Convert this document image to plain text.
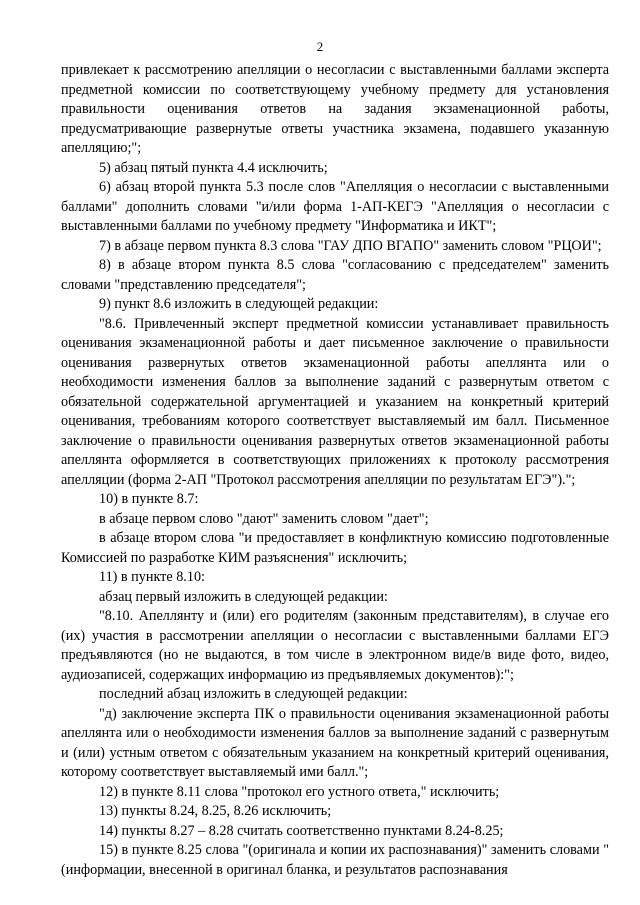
2

привлекает к рассмотрению апелляции о несогласии с выставленными баллами эксперта предметной комиссии по соответствующему учебному предмету для установления правильности оценивания ответов на задания экзаменационной работы, предусматривающие развернутые ответы участника экзамена, подавшего указанную апелляцию;";

5) абзац пятый пункта 4.4 исключить;

6) абзац второй пункта 5.3 после слов "Апелляция о несогласии с выставленными баллами" дополнить словами "и/или форма 1-АП-КЕГЭ "Апелляция о несогласии с выставленными баллами по учебному предмету "Информатика и ИКТ";

7) в абзаце первом пункта 8.3 слова "ГАУ ДПО ВГАПО" заменить словом "РЦОИ";

8) в абзаце втором пункта 8.5 слова "согласованию с председателем" заменить словами "представлению председателя";

9) пункт 8.6 изложить в следующей редакции:

"8.6. Привлеченный эксперт предметной комиссии устанавливает правильность оценивания экзаменационной работы и дает письменное заключение о правильности оценивания развернутых ответов экзаменационной работы апеллянта или о необходимости изменения баллов за выполнение заданий с развернутым ответом с обязательной содержательной аргументацией и указанием на конкретный критерий оценивания, требованиям которого соответствует выставляемый им балл. Письменное заключение о правильности оценивания развернутых ответов экзаменационной работы апеллянта оформляется в соответствующих приложениях к протоколу рассмотрения апелляции (форма 2-АП "Протокол рассмотрения апелляции по результатам ЕГЭ").";

10) в пункте 8.7:

в абзаце первом слово "дают" заменить словом "дает";

в абзаце втором слова "и предоставляет в конфликтную комиссию подготовленные Комиссией по разработке КИМ разъяснения" исключить;

11) в пункте 8.10:

абзац первый изложить в следующей редакции:

"8.10. Апеллянту и (или) его родителям (законным представителям), в случае его (их) участия в рассмотрении апелляции о несогласии с выставленными баллами ЕГЭ предъявляются (но не выдаются, в том числе в электронном виде/в виде фото, видео, аудиозаписей, содержащих информацию из предъявляемых документов):";

последний абзац изложить в следующей редакции:

"д) заключение эксперта ПК о правильности оценивания экзаменационной работы апеллянта или о необходимости изменения баллов за выполнение заданий с развернутым и (или) устным ответом с обязательным указанием на конкретный критерий оценивания, которому соответствует выставляемый ими балл.";

12) в пункте 8.11 слова "протокол его устного ответа," исключить;

13) пункты 8.24, 8.25, 8.26 исключить;

14) пункты 8.27 – 8.28 считать соответственно пунктами 8.24-8.25;

15) в пункте 8.25 слова "(оригинала и копии их распознавания)" заменить словами "(информации, внесенной в оригинал бланка, и результатов распознавания
